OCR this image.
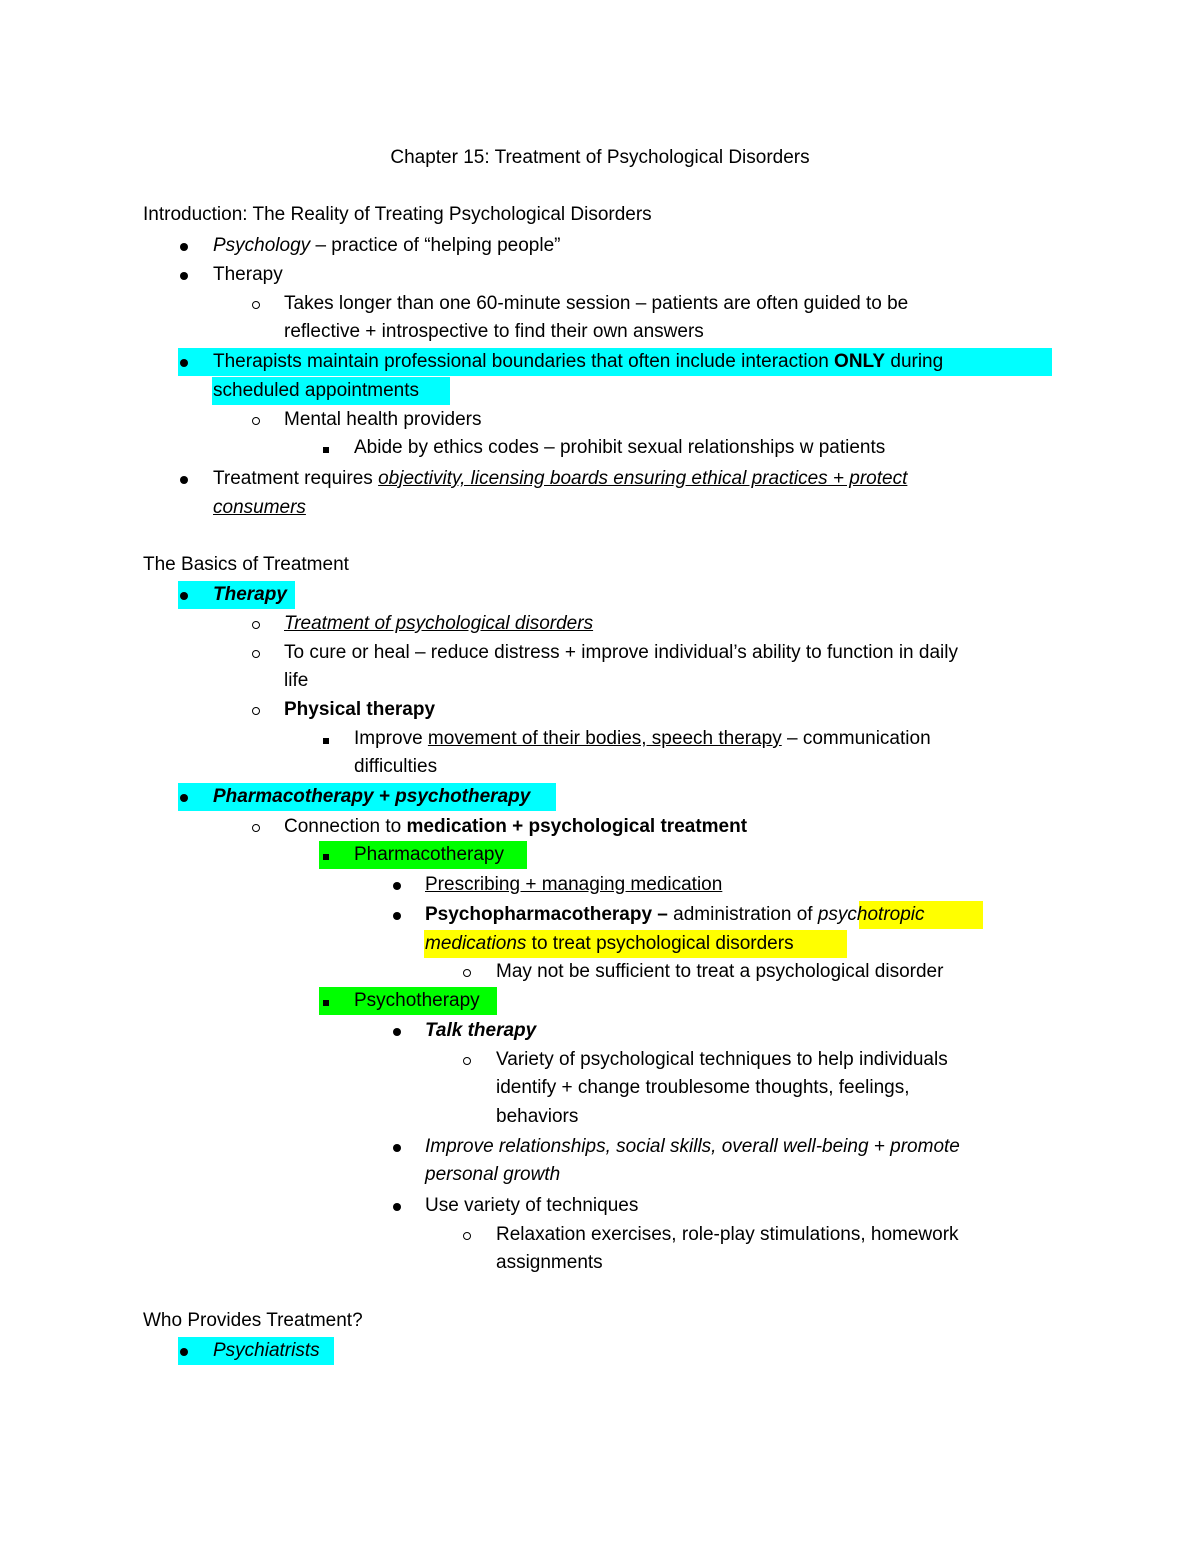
Chapter 15: Treatment of Psychological Disorders
Introduction: The Reality of Treating Psychological Disorders
Psychology – practice of “helping people”
Therapy
Takes longer than one 60-minute session – patients are often guided to be
reflective + introspective to find their own answers
Therapists maintain professional boundaries that often include interaction ONLY during
scheduled appointments
Mental health providers
Abide by ethics codes – prohibit sexual relationships w patients
Treatment requires objectivity, licensing boards ensuring ethical practices + protect
consumers
The Basics of Treatment
Therapy
Treatment of psychological disorders
To cure or heal – reduce distress + improve individual’s ability to function in daily
life
Physical therapy
Improve movement of their bodies, speech therapy – communication
difficulties
Pharmacotherapy + psychotherapy
Connection to medication + psychological treatment
Pharmacotherapy
Prescribing + managing medication
Psychopharmacotherapy – administration of psychotropic
medications to treat psychological disorders
May not be sufficient to treat a psychological disorder
Psychotherapy
Talk therapy
Variety of psychological techniques to help individuals
identify + change troublesome thoughts, feelings,
behaviors
Improve relationships, social skills, overall well-being + promote
personal growth
Use variety of techniques
Relaxation exercises, role-play stimulations, homework
assignments
Who Provides Treatment?
Psychiatrists
